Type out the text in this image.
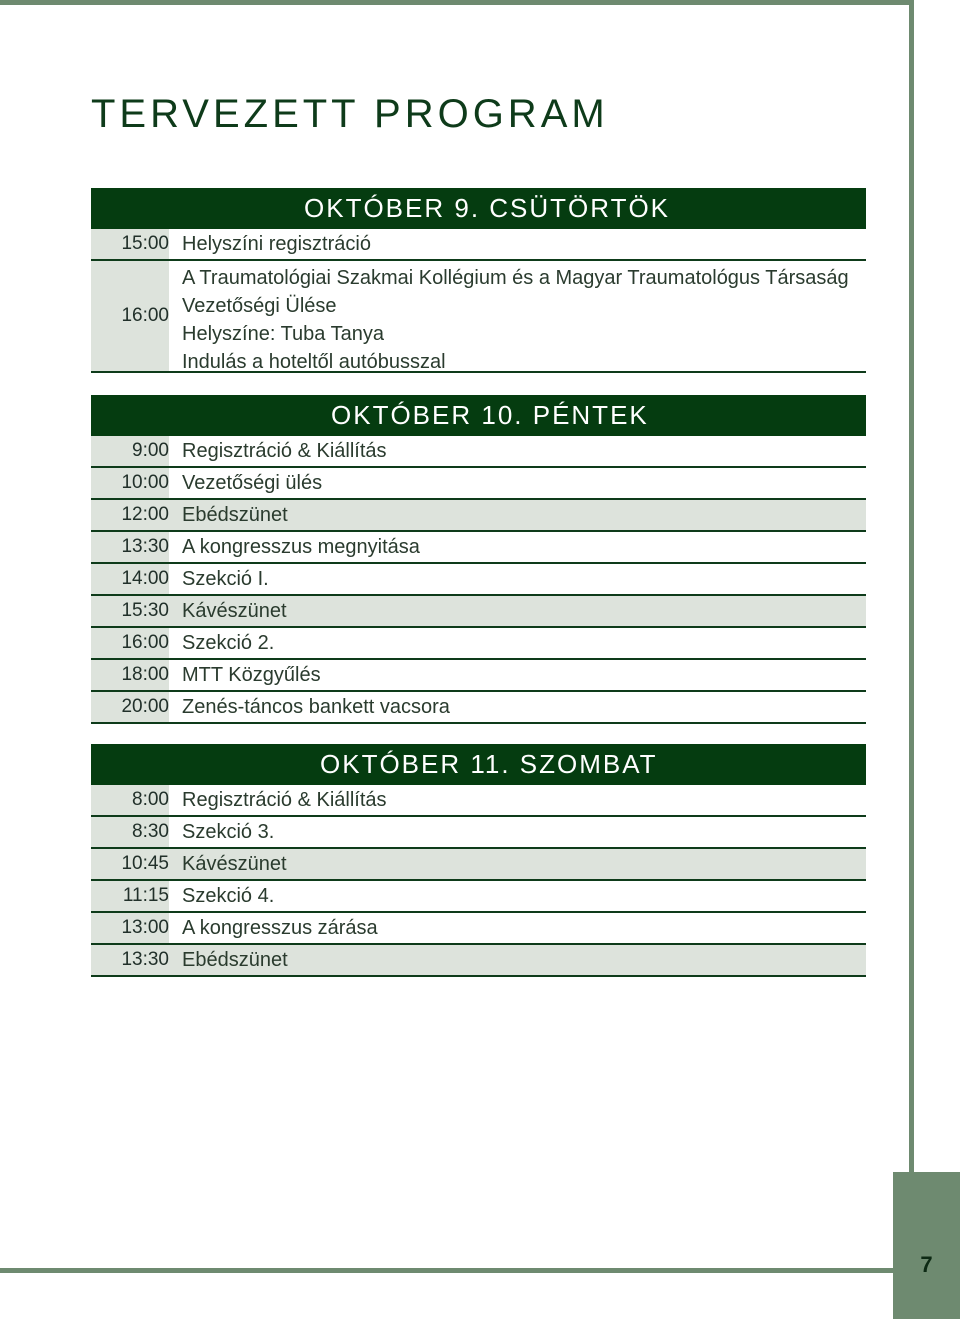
7
TERVEZETT PROGRAM
OKTÓBER 9. CSÜTÖRTÖK
15:00 Helyszíni regisztráció
16:00
A Traumatológiai Szakmai Kollégium és a Magyar Traumatológus Társaság
Vezetőségi Ülése
Helyszíne: Tuba Tanya
Indulás a hoteltől autóbusszal
OKTÓBER 10. PÉNTEK
9:00 Regisztráció & Kiállítás
10:00 Vezetőségi ülés
12:00 Ebédszünet
13:30 A kongresszus megnyitása
14:00 Szekció I.
15:30 Kávészünet
16:00 Szekció 2.
18:00 MTT Közgyűlés
20:00 Zenés-táncos bankett vacsora
OKTÓBER 11. SZOMBAT
8:00 Regisztráció & Kiállítás
8:30 Szekció 3.
10:45 Kávészünet
11:15 Szekció 4.
13:00 A kongresszus zárása
13:30 Ebédszünet
